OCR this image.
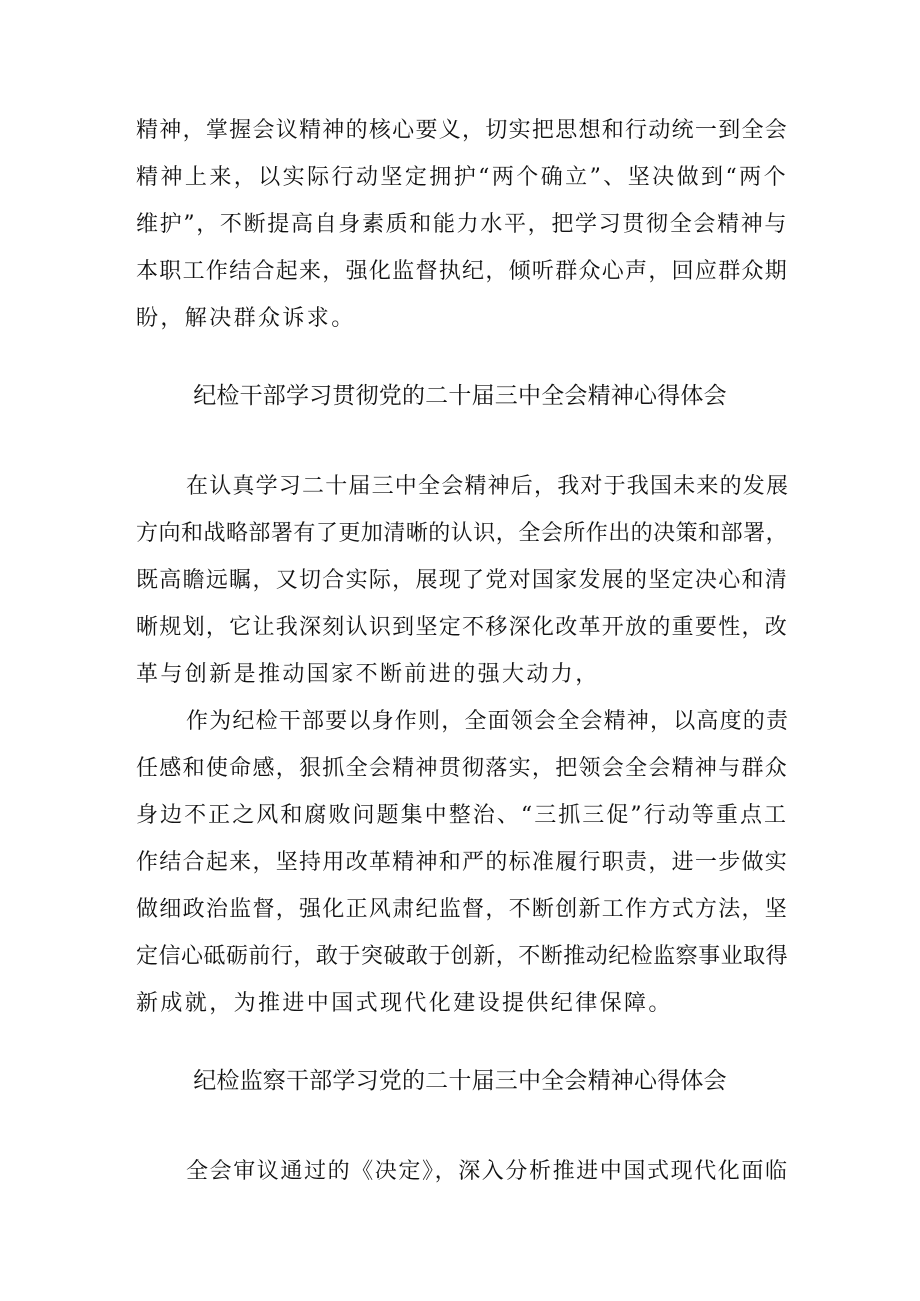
精神，掌握会议精神的核心要义，切实把思想和行动统一到全会
精神上来，以实际行动坚定拥护“两个确立”、坚决做到“两个
维护”，不断提高自身素质和能力水平，把学习贯彻全会精神与
本职工作结合起来，强化监督执纪，倾听群众心声，回应群众期
盼，解决群众诉求。
纪检干部学习贯彻党的二十届三中全会精神心得体会
在认真学习二十届三中全会精神后，我对于我国未来的发展
方向和战略部署有了更加清晰的认识，全会所作出的决策和部署，
既高瞻远瞩，又切合实际，展现了党对国家发展的坚定决心和清
晰规划，它让我深刻认识到坚定不移深化改革开放的重要性，改
革与创新是推动国家不断前进的强大动力，
作为纪检干部要以身作则，全面领会全会精神，以高度的责
任感和使命感，狠抓全会精神贯彻落实，把领会全会精神与群众
身边不正之风和腐败问题集中整治、“三抓三促”行动等重点工
作结合起来，坚持用改革精神和严的标准履行职责，进一步做实
做细政治监督，强化正风肃纪监督，不断创新工作方式方法，坚
定信心砥砺前行，敢于突破敢于创新，不断推动纪检监察事业取得
新成就，为推进中国式现代化建设提供纪律保障。
纪检监察干部学习党的二十届三中全会精神心得体会
全会审议通过的《决定》，深入分析推进中国式现代化面临
